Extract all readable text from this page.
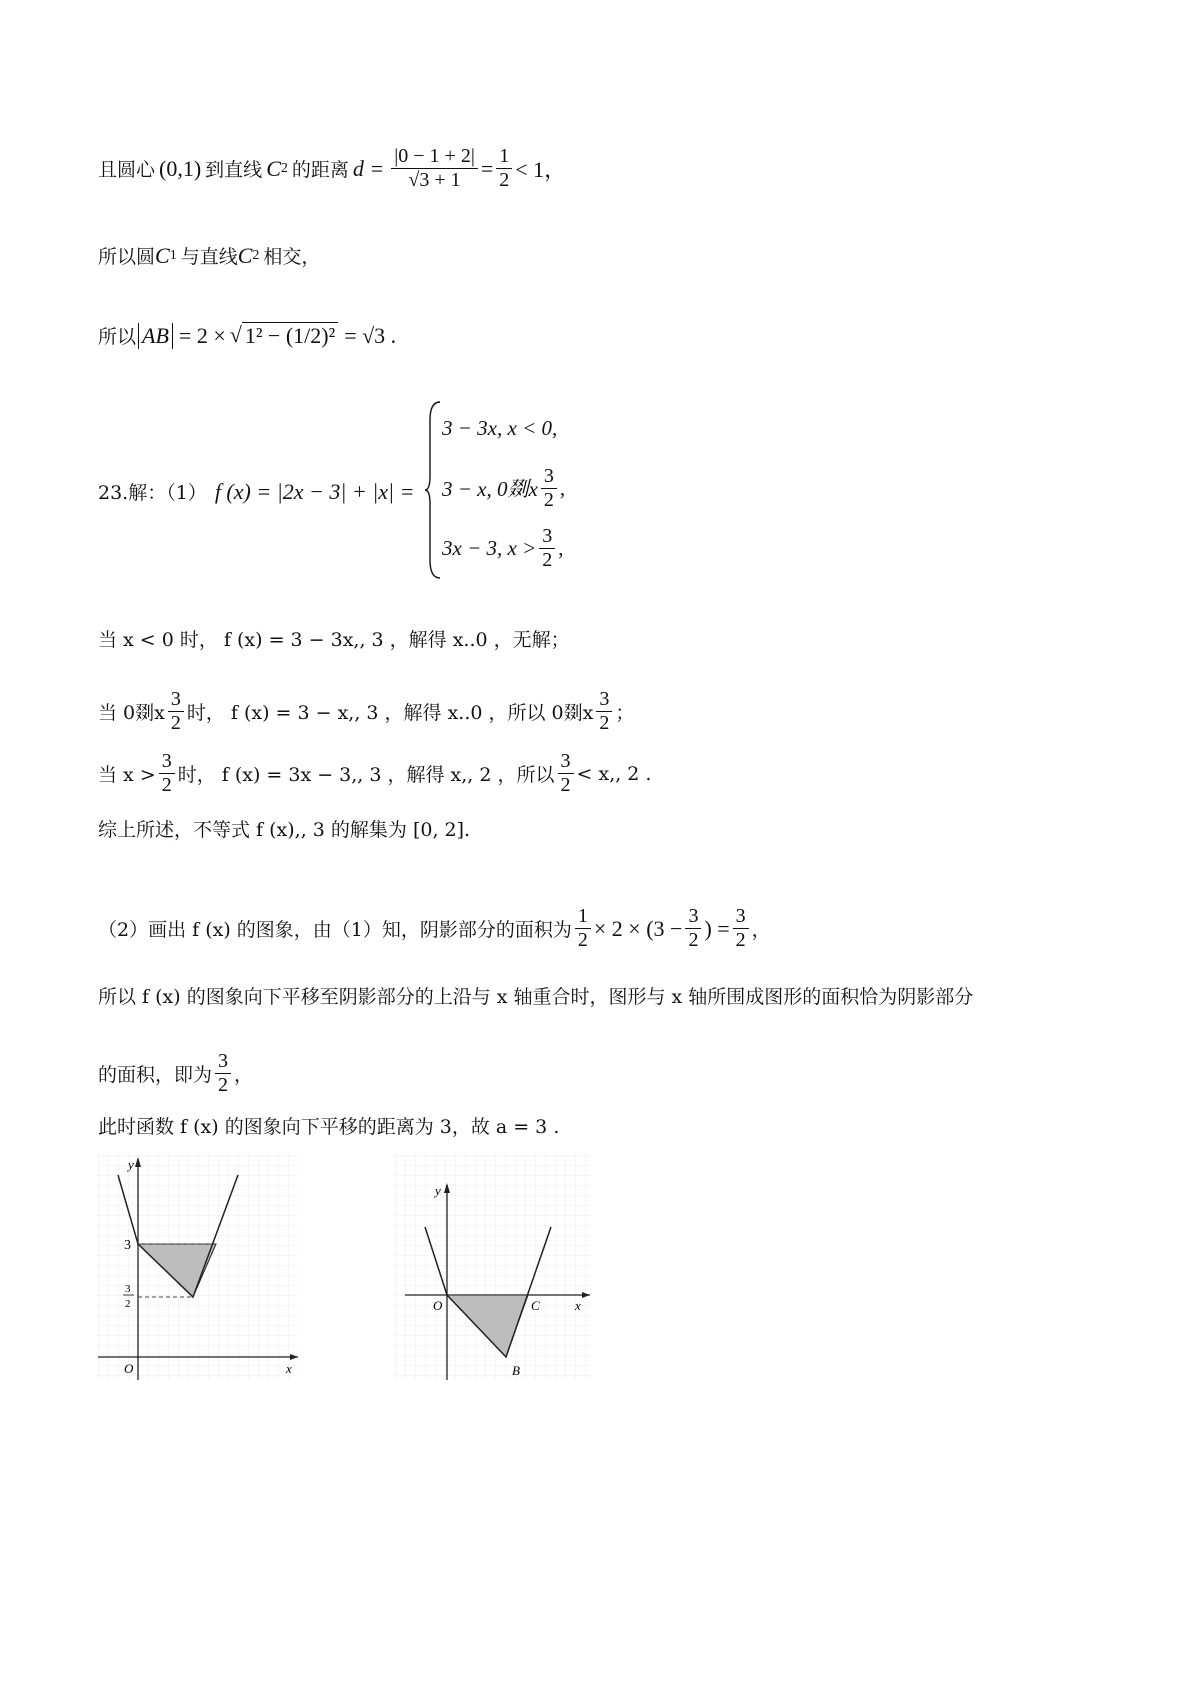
且圆心 (0,1) 到直线 C 2 的距离 $d = \frac{|0 - 1 + 2|}{√3 + 1} = \frac{1}{2} < 1$，
所以圆 C 1 与直线 C 2 相交，
所以 AB = 2 × √ 1² − (1/2)² = √3 .
23.解：（1） f (x) = |2x − 3| + |x| =
3 − 3x, x < 0,
3 − x, 0剟x $\frac{3}{2}$ ,
3x − 3, $x > \frac{3}{2}$ ,
当 x < 0 时， f (x) = 3 − 3x,, 3 ，解得 x..0 ，无解；
当 0剟x $\frac{3}{2}$ 时， f (x) = 3 − x,, 3 ，解得 x..0 ，所以 0剟x $\frac{3}{2}$ ；
当 $x > \frac{3}{2}$ 时， f (x) = 3x − 3,, 3 ，解得 x,, 2 ，所以 $\frac{3}{2} < x$,, 2 .
综上所述，不等式 f (x),, 3 的解集为 [0, 2].
（2）画出 f (x) 的图象，由（1）知，阴影部分的面积为 $\frac{1}{2} \times 2 \times (3 - \frac{3}{2}$ ) = $\frac{3}{2}$ ，
所以 f (x) 的图象向下平移至阴影部分的上沿与 x 轴重合时，图形与 x 轴所围成图形的面积恰为阴影部分
的面积，即为 $\frac{3}{2}$ ，
此时函数 f (x) 的图象向下平移的距离为 3，故 a = 3 .
y
x
O
3
3
2
y
x
O	C
B
